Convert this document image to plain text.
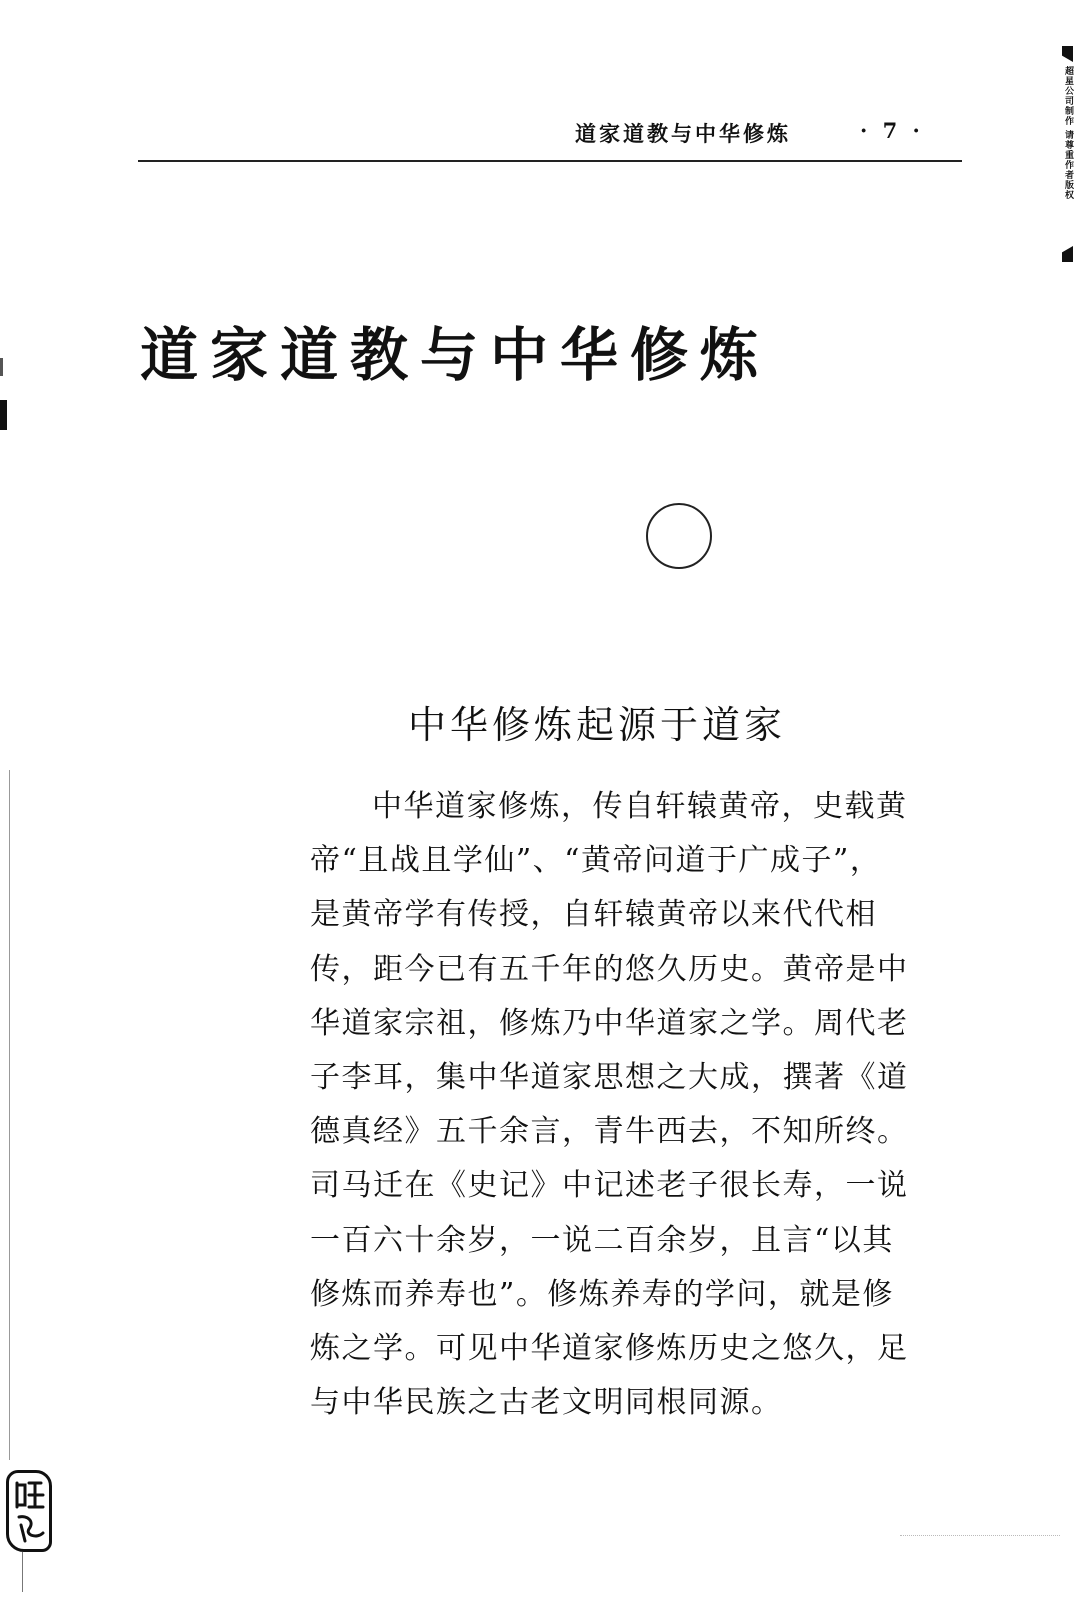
道家道教与中华修炼	· 7 ·	超星公司制作 请尊重作者版权
道家道教与中华修炼
中华修炼起源于道家
中华道家修炼，传自轩辕黄帝，史载黄
帝“且战且学仙”、“黄帝问道于广成子”，
是黄帝学有传授，自轩辕黄帝以来代代相
传，距今已有五千年的悠久历史。黄帝是中
华道家宗祖，修炼乃中华道家之学。周代老
子李耳，集中华道家思想之大成，撰著《道
德真经》五千余言，青牛西去，不知所终。
司马迁在《史记》中记述老子很长寿，一说
一百六十余岁，一说二百余岁，且言“以其
修炼而养寿也”。修炼养寿的学问，就是修
炼之学。可见中华道家修炼历史之悠久，足
与中华民族之古老文明同根同源。
